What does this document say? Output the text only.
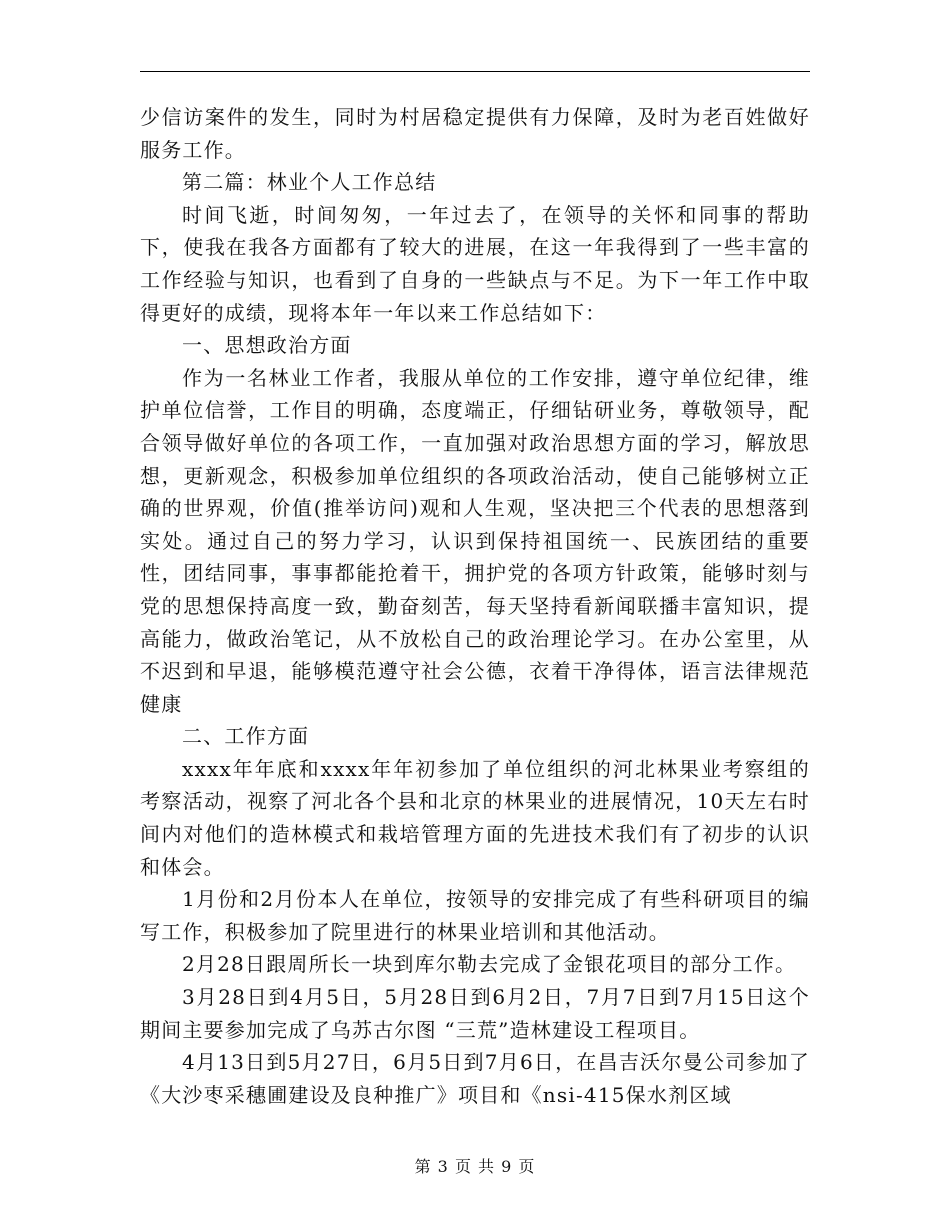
少信访案件的发生，同时为村居稳定提供有力保障，及时为老百姓做好服务工作。

第二篇：林业个人工作总结

时间飞逝，时间匆匆，一年过去了，在领导的关怀和同事的帮助下，使我在我各方面都有了较大的进展，在这一年我得到了一些丰富的工作经验与知识，也看到了自身的一些缺点与不足。为下一年工作中取得更好的成绩，现将本年一年以来工作总结如下：

一、思想政治方面

作为一名林业工作者，我服从单位的工作安排，遵守单位纪律，维护单位信誉，工作目的明确，态度端正，仔细钻研业务，尊敬领导，配合领导做好单位的各项工作，一直加强对政治思想方面的学习，解放思想，更新观念，积极参加单位组织的各项政治活动，使自己能够树立正确的世界观，价值(推举访问)观和人生观，坚决把三个代表的思想落到实处。通过自己的努力学习，认识到保持祖国统一、民族团结的重要性，团结同事，事事都能抢着干，拥护党的各项方针政策，能够时刻与党的思想保持高度一致，勤奋刻苦，每天坚持看新闻联播丰富知识，提高能力，做政治笔记，从不放松自己的政治理论学习。在办公室里，从不迟到和早退，能够模范遵守社会公德，衣着干净得体，语言法律规范健康

二、工作方面

xxxx年年底和xxxx年年初参加了单位组织的河北林果业考察组的考察活动，视察了河北各个县和北京的林果业的进展情况，10天左右时间内对他们的造林模式和栽培管理方面的先进技术我们有了初步的认识和体会。

1月份和2月份本人在单位，按领导的安排完成了有些科研项目的编写工作，积极参加了院里进行的林果业培训和其他活动。

2月28日跟周所长一块到库尔勒去完成了金银花项目的部分工作。

3月28日到4月5日，5月28日到6月2日，7月7日到7月15日这个期间主要参加完成了乌苏古尔图 “三荒”造林建设工程项目。

4月13日到5月27日，6月5日到7月6日，在昌吉沃尔曼公司参加了《大沙枣采穗圃建设及良种推广》项目和《nsi-415保水剂区域

第 3 页 共 9 页
